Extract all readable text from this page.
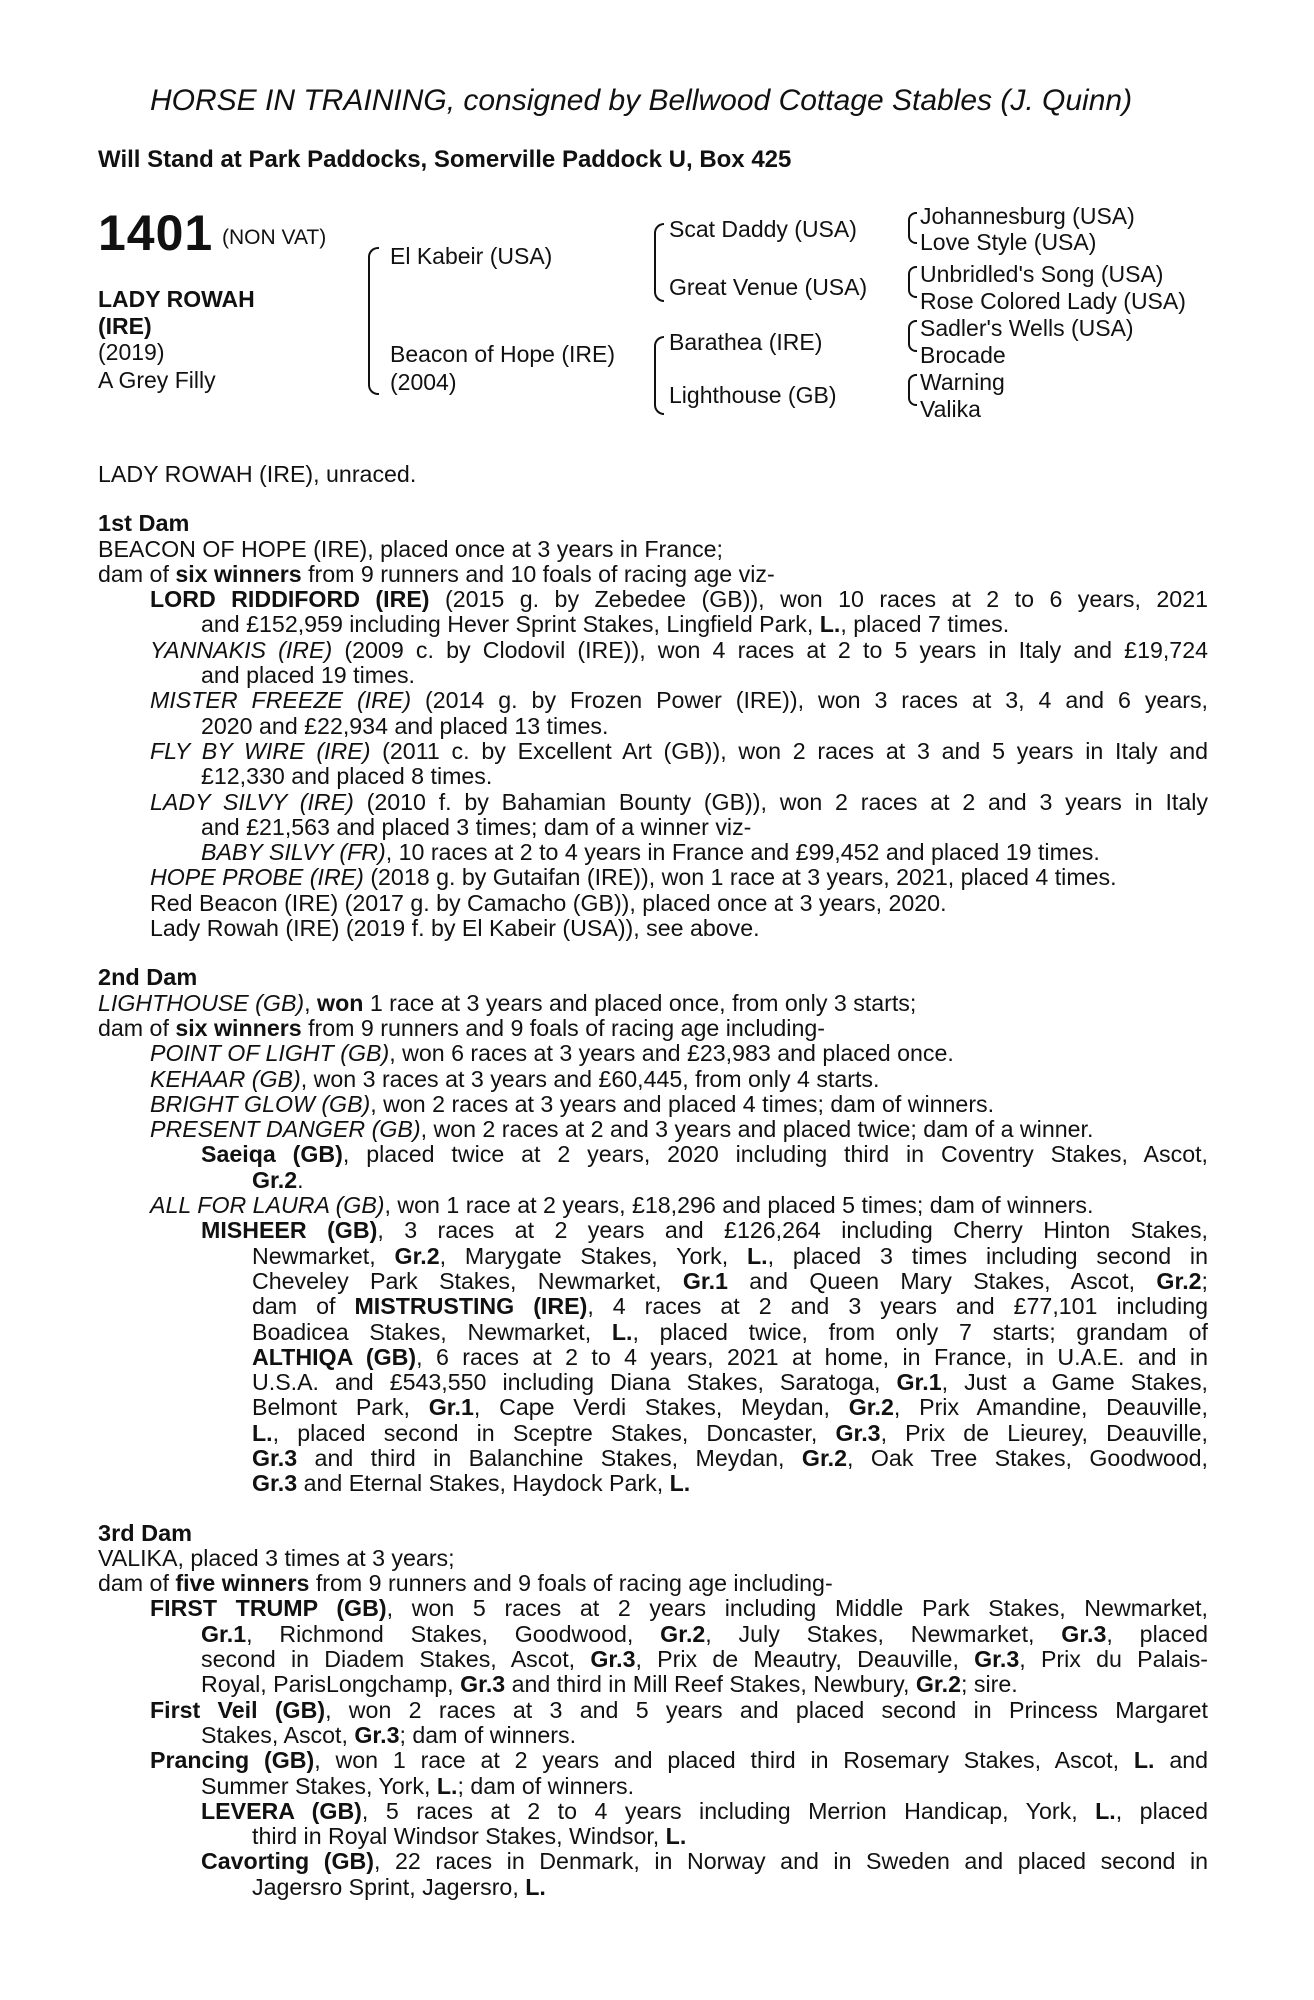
HORSE IN TRAINING, consigned by Bellwood Cottage Stables (J. Quinn)
Will Stand at Park Paddocks, Somerville Paddock U, Box 425
1401 (NON VAT)
LADY ROWAH
(IRE)
(2019)
A Grey Filly
El Kabeir (USA)
Beacon of Hope (IRE)
(2004)
Scat Daddy (USA)
Great Venue (USA)
Barathea (IRE)
Lighthouse (GB)
Johannesburg (USA)
Love Style (USA)
Unbridled's Song (USA)
Rose Colored Lady (USA)
Sadler's Wells (USA)
Brocade
Warning
Valika
LADY ROWAH (IRE), unraced.
1st Dam
BEACON OF HOPE (IRE), placed once at 3 years in France;
dam of six winners from 9 runners and 10 foals of racing age viz-
LORD RIDDIFORD (IRE) (2015 g. by Zebedee (GB)), won 10 races at 2 to 6 years, 2021
and £152,959 including Hever Sprint Stakes, Lingfield Park, L., placed 7 times.
YANNAKIS (IRE) (2009 c. by Clodovil (IRE)), won 4 races at 2 to 5 years in Italy and £19,724
and placed 19 times.
MISTER FREEZE (IRE) (2014 g. by Frozen Power (IRE)), won 3 races at 3, 4 and 6 years,
2020 and £22,934 and placed 13 times.
FLY BY WIRE (IRE) (2011 c. by Excellent Art (GB)), won 2 races at 3 and 5 years in Italy and
£12,330 and placed 8 times.
LADY SILVY (IRE) (2010 f. by Bahamian Bounty (GB)), won 2 races at 2 and 3 years in Italy
and £21,563 and placed 3 times; dam of a winner viz-
BABY SILVY (FR), 10 races at 2 to 4 years in France and £99,452 and placed 19 times.
HOPE PROBE (IRE) (2018 g. by Gutaifan (IRE)), won 1 race at 3 years, 2021, placed 4 times.
Red Beacon (IRE) (2017 g. by Camacho (GB)), placed once at 3 years, 2020.
Lady Rowah (IRE) (2019 f. by El Kabeir (USA)), see above.
2nd Dam
LIGHTHOUSE (GB), won 1 race at 3 years and placed once, from only 3 starts;
dam of six winners from 9 runners and 9 foals of racing age including-
POINT OF LIGHT (GB), won 6 races at 3 years and £23,983 and placed once.
KEHAAR (GB), won 3 races at 3 years and £60,445, from only 4 starts.
BRIGHT GLOW (GB), won 2 races at 3 years and placed 4 times; dam of winners.
PRESENT DANGER (GB), won 2 races at 2 and 3 years and placed twice; dam of a winner.
Saeiqa (GB), placed twice at 2 years, 2020 including third in Coventry Stakes, Ascot,
Gr.2.
ALL FOR LAURA (GB), won 1 race at 2 years, £18,296 and placed 5 times; dam of winners.
MISHEER (GB), 3 races at 2 years and £126,264 including Cherry Hinton Stakes,
Newmarket, Gr.2, Marygate Stakes, York, L., placed 3 times including second in
Cheveley Park Stakes, Newmarket, Gr.1 and Queen Mary Stakes, Ascot, Gr.2;
dam of MISTRUSTING (IRE), 4 races at 2 and 3 years and £77,101 including
Boadicea Stakes, Newmarket, L., placed twice, from only 7 starts; grandam of
ALTHIQA (GB), 6 races at 2 to 4 years, 2021 at home, in France, in U.A.E. and in
U.S.A. and £543,550 including Diana Stakes, Saratoga, Gr.1, Just a Game Stakes,
Belmont Park, Gr.1, Cape Verdi Stakes, Meydan, Gr.2, Prix Amandine, Deauville,
L., placed second in Sceptre Stakes, Doncaster, Gr.3, Prix de Lieurey, Deauville,
Gr.3 and third in Balanchine Stakes, Meydan, Gr.2, Oak Tree Stakes, Goodwood,
Gr.3 and Eternal Stakes, Haydock Park, L.
3rd Dam
VALIKA, placed 3 times at 3 years;
dam of five winners from 9 runners and 9 foals of racing age including-
FIRST TRUMP (GB), won 5 races at 2 years including Middle Park Stakes, Newmarket,
Gr.1, Richmond Stakes, Goodwood, Gr.2, July Stakes, Newmarket, Gr.3, placed
second in Diadem Stakes, Ascot, Gr.3, Prix de Meautry, Deauville, Gr.3, Prix du Palais-
Royal, ParisLongchamp, Gr.3 and third in Mill Reef Stakes, Newbury, Gr.2; sire.
First Veil (GB), won 2 races at 3 and 5 years and placed second in Princess Margaret
Stakes, Ascot, Gr.3; dam of winners.
Prancing (GB), won 1 race at 2 years and placed third in Rosemary Stakes, Ascot, L. and
Summer Stakes, York, L.; dam of winners.
LEVERA (GB), 5 races at 2 to 4 years including Merrion Handicap, York, L., placed
third in Royal Windsor Stakes, Windsor, L.
Cavorting (GB), 22 races in Denmark, in Norway and in Sweden and placed second in
Jagersro Sprint, Jagersro, L.
